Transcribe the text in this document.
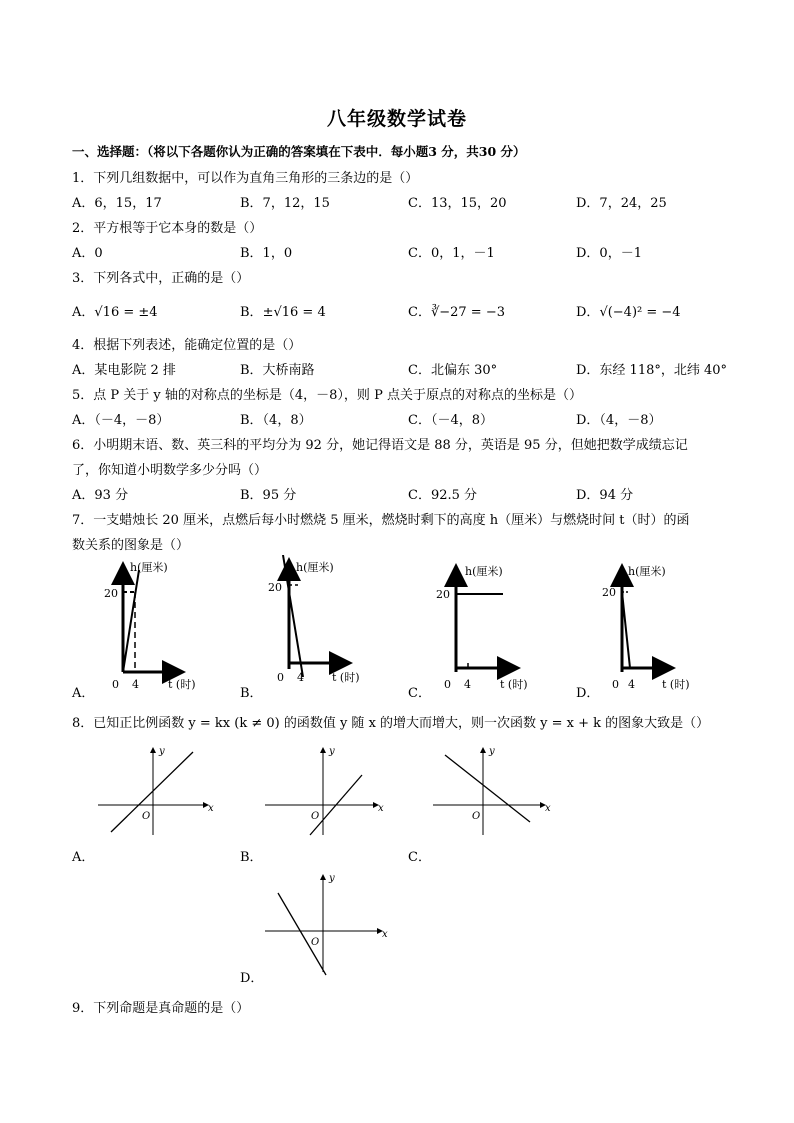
八年级数学试卷
一、选择题：（将以下各题你认为正确的答案填在下表中．每小题3 分，共30 分）
1．下列几组数据中，可以作为直角三角形的三条边的是（）
A．6，15，17	B．7，12，15	C．13，15，20	D．7，24，25
2．平方根等于它本身的数是（）
A．0	B．1，0	C．0，1，－1	D．0，－1
3．下列各式中，正确的是（）
A．√16 = ±4	B．±√16 = 4	C．∛−27 = −3	D．√(−4)² = −4
4．根据下列表述，能确定位置的是（）
A．某电影院 2 排	B．大桥南路	C．北偏东 30°	D．东经 118°，北纬 40°
5．点 P 关于 y 轴的对称点的坐标是（4，－8），则 P 点关于原点的对称点的坐标是（）
A．（－4，－8）	B．（4，8）	C．（－4，8）	D．（4，－8）
6．小明期末语、数、英三科的平均分为 92 分，她记得语文是 88 分，英语是 95 分，但她把数学成绩忘记
了，你知道小明数学多少分吗（）
A．93 分	B．95 分	C．92.5 分	D．94 分
7．一支蜡烛长 20 厘米，点燃后每小时燃烧 5 厘米，燃烧时剩下的高度 h（厘米）与燃烧时间 t（时）的函
数关系的图象是（）
h(厘米)
20
0 4	t (时)
h(厘米)
20
0 4	t (时)
h(厘米)
20
0 4	t (时)
h(厘米)
20
0 4 t (时)
A．	B．	C．	D．
8．已知正比例函数 y = kx (k ≠ 0) 的函数值 y 随 x 的增大而增大，则一次函数 y = x + k 的图象大致是（）
y
x
O
y
x
O
y
x
O
y
x
O
A．	B．	C．
D．
9．下列命题是真命题的是（）
